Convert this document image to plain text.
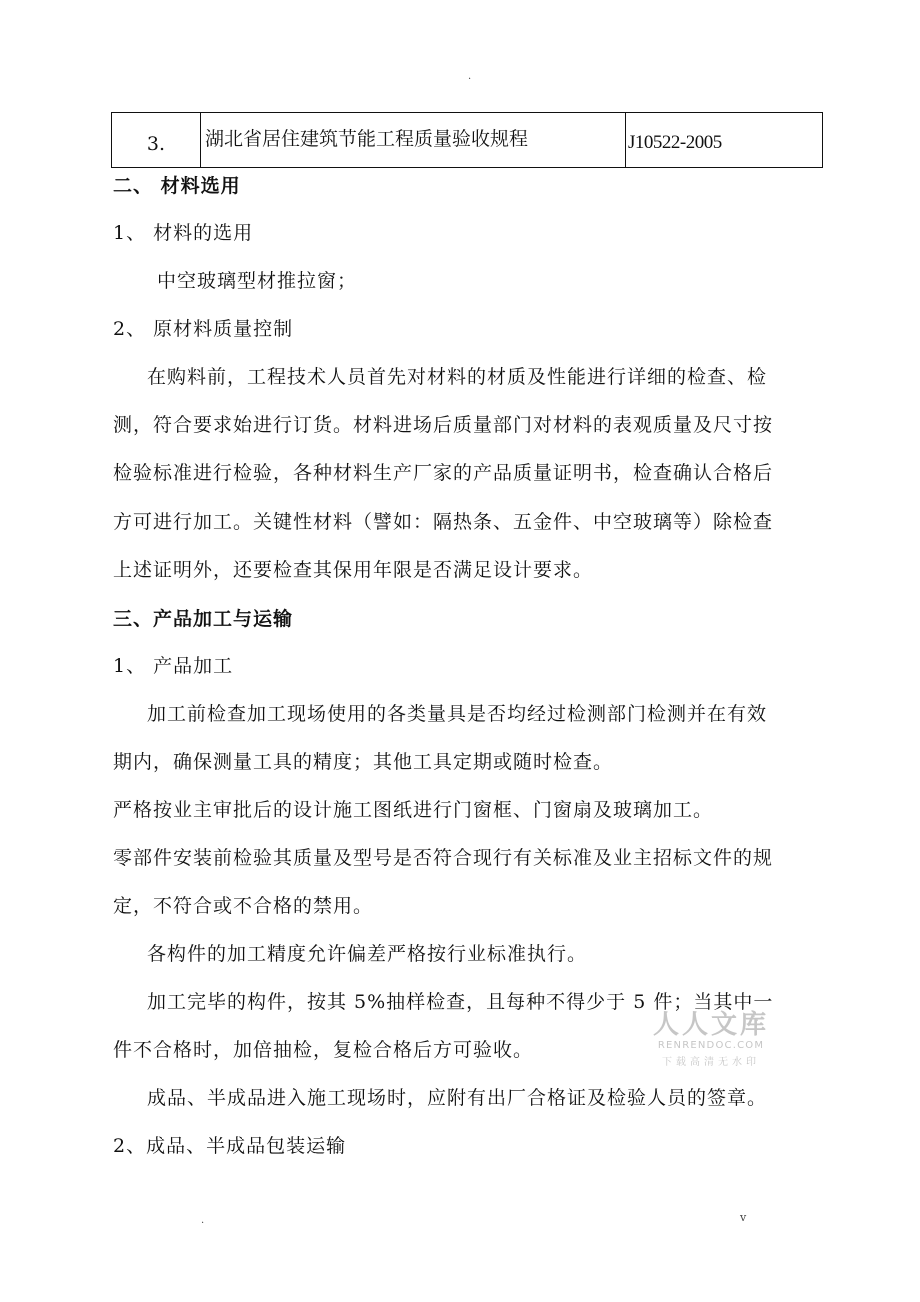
.
3.	湖北省居住建筑节能工程质量验收规程	J10522-2005
二、 材料选用
1、 材料的选用
中空玻璃型材推拉窗；
2、 原材料质量控制
在购料前，工程技术人员首先对材料的材质及性能进行详细的检查、检
测，符合要求始进行订货。材料进场后质量部门对材料的表观质量及尺寸按
检验标准进行检验，各种材料生产厂家的产品质量证明书，检查确认合格后
方可进行加工。关键性材料（譬如：隔热条、五金件、中空玻璃等）除检查
上述证明外，还要检查其保用年限是否满足设计要求。
三、产品加工与运输
1、 产品加工
加工前检查加工现场使用的各类量具是否均经过检测部门检测并在有效
期内，确保测量工具的精度；其他工具定期或随时检查。
严格按业主审批后的设计施工图纸进行门窗框、门窗扇及玻璃加工。
零部件安装前检验其质量及型号是否符合现行有关标准及业主招标文件的规
定，不符合或不合格的禁用。
各构件的加工精度允许偏差严格按行业标准执行。
加工完毕的构件，按其 5%抽样检查，且每种不得少于 5 件；当其中一
件不合格时，加倍抽检，复检合格后方可验收。
成品、半成品进入施工现场时，应附有出厂合格证及检验人员的签章。
2、成品、半成品包装运输
人人文库
RENRENDOC.COM
下载高清无水印
.	v
